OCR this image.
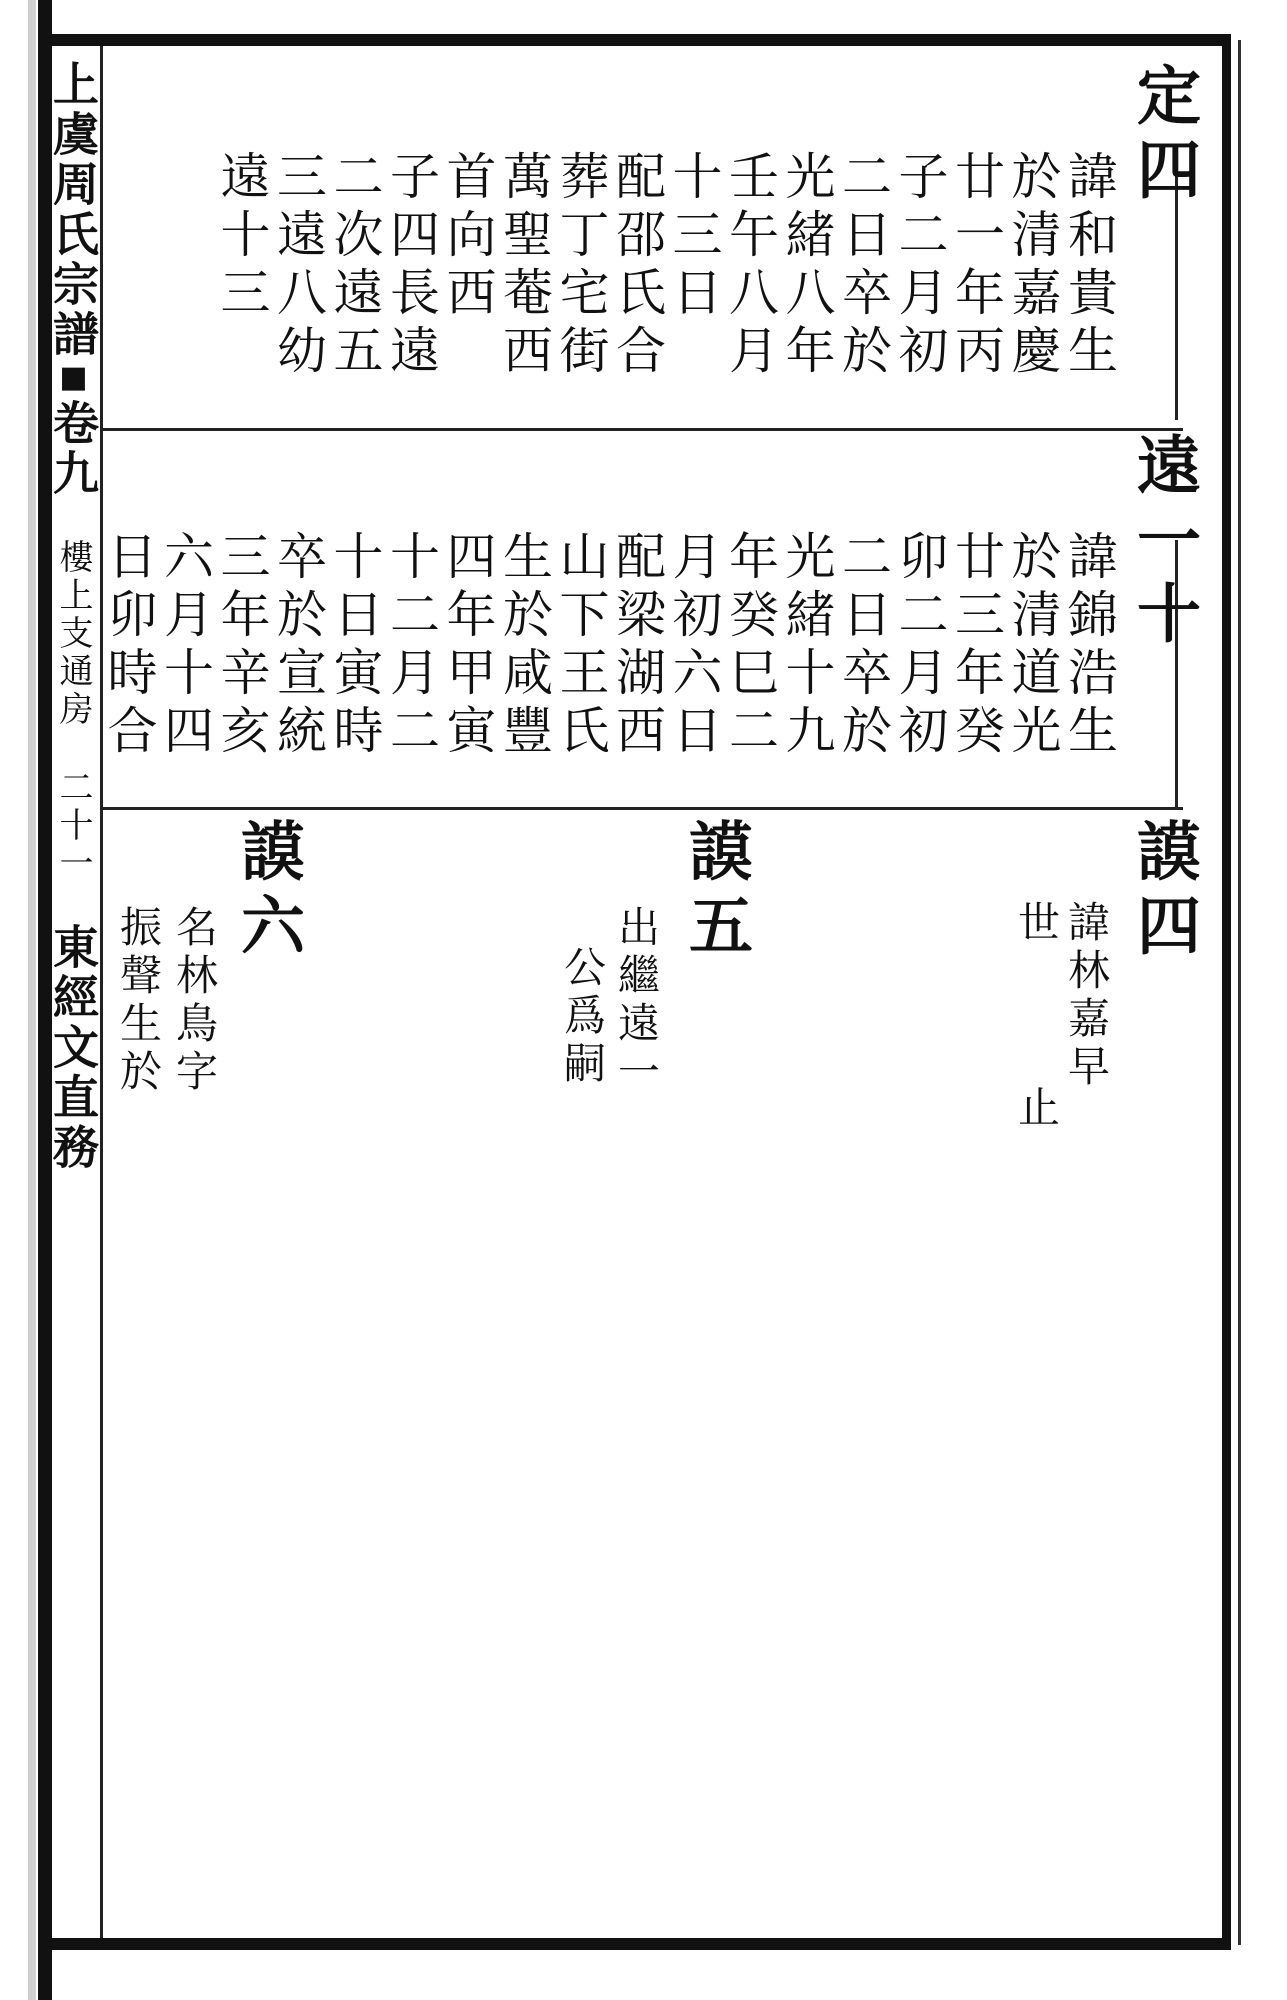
上虞周氏宗譜
■
卷九
樓上支通房
二十一
東經文直務
定四
遠一十
謨四
謨五
謨六
諱和貴生
於清嘉慶
廿一年丙
子二月初
二日卒於
光緒八年
壬午八月
十三日
配邵氏合
葬丁宅街
萬聖菴西
首向西
子四長遠
二次遠五
三遠八幼
遠十三
諱錦浩生
於清道光
廿三年癸
卯二月初
二日卒於
光緒十九
年癸巳二
月初六日
配梁湖西
山下王氏
生於咸豐
四年甲寅
十二月二
十日寅時
卒於宣統
三年辛亥
六月十四
日卯時合
諱林嘉早
世
止
出繼遠一
公爲嗣
名林鳥字
振聲生於
